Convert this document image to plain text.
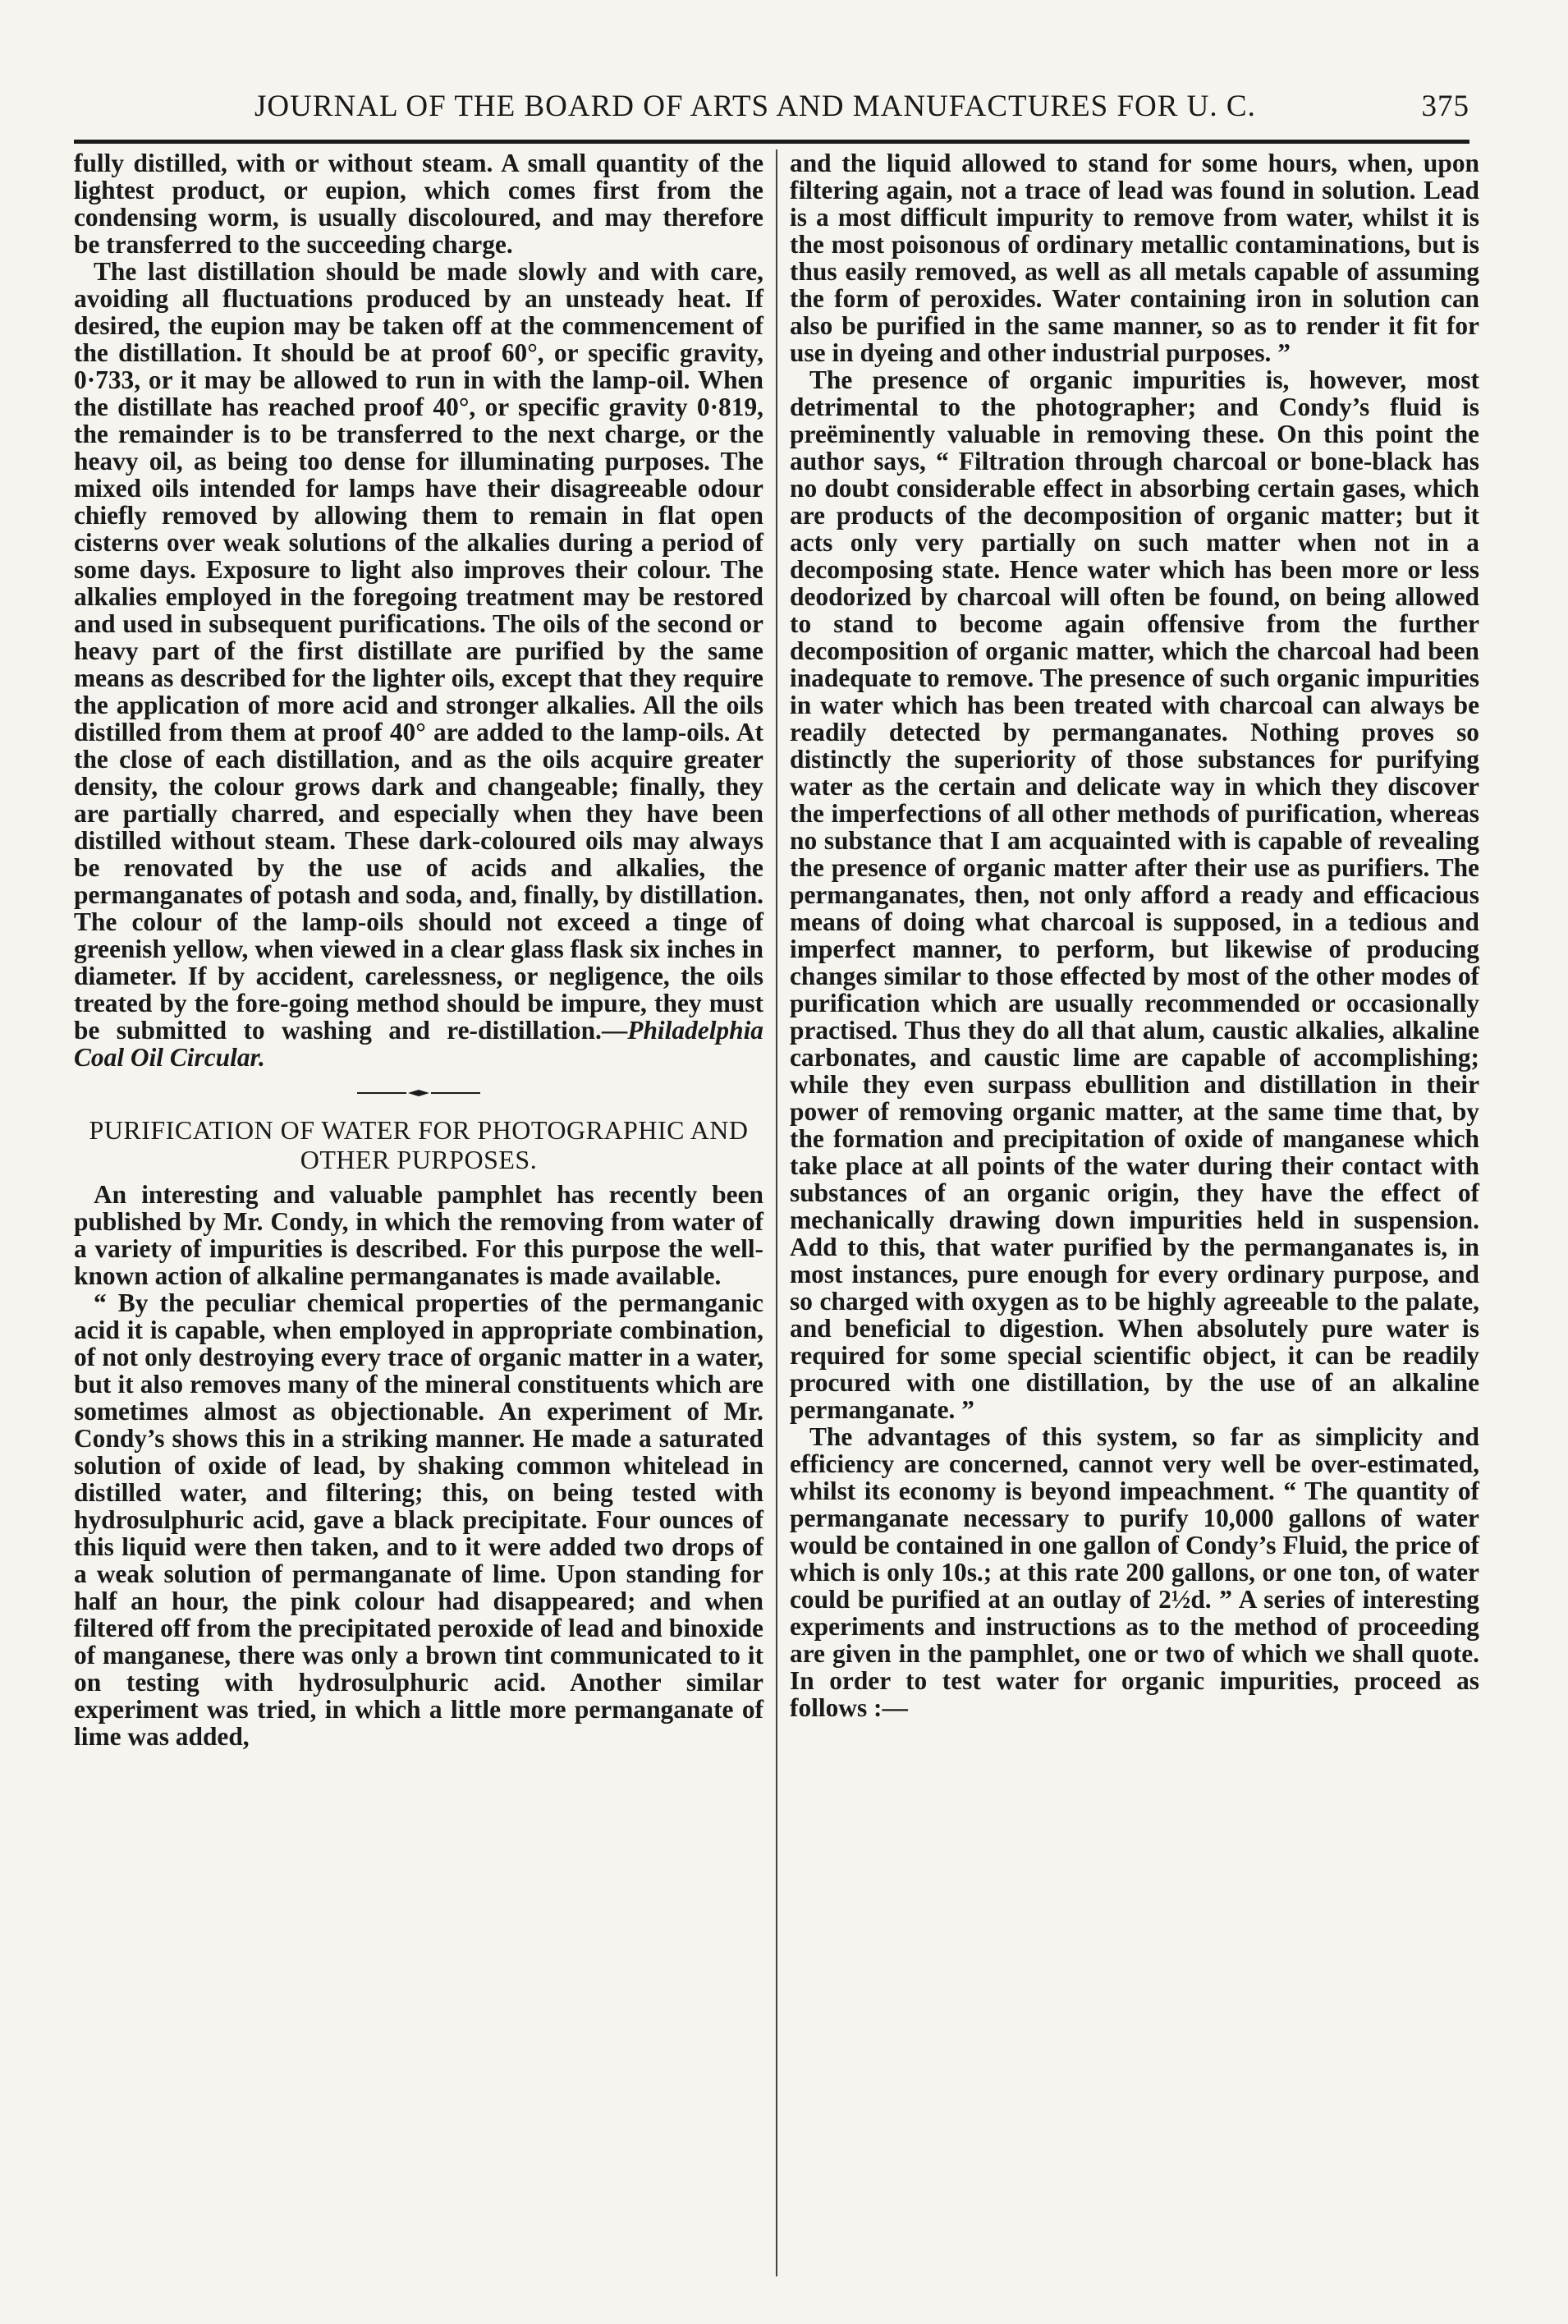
JOURNAL OF THE BOARD OF ARTS AND MANUFACTURES FOR U. C.	375

fully distilled, with or without steam. A small quantity of the lightest product, or eupion, which comes first from the condensing worm, is usually discoloured, and may therefore be transferred to the succeeding charge.

The last distillation should be made slowly and with care, avoiding all fluctuations produced by an unsteady heat. If desired, the eupion may be taken off at the commencement of the distillation. It should be at proof 60°, or specific gravity, 0·733, or it may be allowed to run in with the lamp-oil. When the distillate has reached proof 40°, or specific gravity 0·819, the remainder is to be transferred to the next charge, or the heavy oil, as being too dense for illuminating purposes. The mixed oils intended for lamps have their disagreeable odour chiefly removed by allowing them to remain in flat open cisterns over weak solutions of the alkalies during a period of some days. Exposure to light also improves their colour. The alkalies employed in the foregoing treatment may be restored and used in subsequent purifications. The oils of the second or heavy part of the first distillate are purified by the same means as described for the lighter oils, except that they require the application of more acid and stronger alkalies. All the oils distilled from them at proof 40° are added to the lamp-oils. At the close of each distillation, and as the oils acquire greater density, the colour grows dark and changeable; finally, they are partially charred, and especially when they have been distilled without steam. These dark-coloured oils may always be renovated by the use of acids and alkalies, the permanganates of potash and soda, and, finally, by distillation. The colour of the lamp-oils should not exceed a tinge of greenish yellow, when viewed in a clear glass flask six inches in diameter. If by accident, carelessness, or negligence, the oils treated by the fore-going method should be impure, they must be submitted to washing and re-distillation.—Philadelphia Coal Oil Circular.

PURIFICATION OF WATER FOR PHOTOGRAPHIC AND OTHER PURPOSES.

An interesting and valuable pamphlet has recently been published by Mr. Condy, in which the removing from water of a variety of impurities is described. For this purpose the well-known action of alkaline permanganates is made available.

“ By the peculiar chemical properties of the permanganic acid it is capable, when employed in appropriate combination, of not only destroying every trace of organic matter in a water, but it also removes many of the mineral constituents which are sometimes almost as objectionable. An experiment of Mr. Condy’s shows this in a striking manner. He made a saturated solution of oxide of lead, by shaking common whitelead in distilled water, and filtering; this, on being tested with hydrosulphuric acid, gave a black precipitate. Four ounces of this liquid were then taken, and to it were added two drops of a weak solution of permanganate of lime. Upon standing for half an hour, the pink colour had disappeared; and when filtered off from the precipitated peroxide of lead and binoxide of manganese, there was only a brown tint communicated to it on testing with hydrosulphuric acid. Another similar experiment was tried, in which a little more permanganate of lime was added,

and the liquid allowed to stand for some hours, when, upon filtering again, not a trace of lead was found in solution. Lead is a most difficult impurity to remove from water, whilst it is the most poisonous of ordinary metallic contaminations, but is thus easily removed, as well as all metals capable of assuming the form of peroxides. Water containing iron in solution can also be purified in the same manner, so as to render it fit for use in dyeing and other industrial purposes. ”

The presence of organic impurities is, however, most detrimental to the photographer; and Condy’s fluid is preëminently valuable in removing these. On this point the author says, “ Filtration through charcoal or bone-black has no doubt considerable effect in absorbing certain gases, which are products of the decomposition of organic matter; but it acts only very partially on such matter when not in a decomposing state. Hence water which has been more or less deodorized by charcoal will often be found, on being allowed to stand to become again offensive from the further decomposition of organic matter, which the charcoal had been inadequate to remove. The presence of such organic impurities in water which has been treated with charcoal can always be readily detected by permanganates. Nothing proves so distinctly the superiority of those substances for purifying water as the certain and delicate way in which they discover the imperfections of all other methods of purification, whereas no substance that I am acquainted with is capable of revealing the presence of organic matter after their use as purifiers. The permanganates, then, not only afford a ready and efficacious means of doing what charcoal is supposed, in a tedious and imperfect manner, to perform, but likewise of producing changes similar to those effected by most of the other modes of purification which are usually recommended or occasionally practised. Thus they do all that alum, caustic alkalies, alkaline carbonates, and caustic lime are capable of accomplishing; while they even surpass ebullition and distillation in their power of removing organic matter, at the same time that, by the formation and precipitation of oxide of manganese which take place at all points of the water during their contact with substances of an organic origin, they have the effect of mechanically drawing down impurities held in suspension. Add to this, that water purified by the permanganates is, in most instances, pure enough for every ordinary purpose, and so charged with oxygen as to be highly agreeable to the palate, and beneficial to digestion. When absolutely pure water is required for some special scientific object, it can be readily procured with one distillation, by the use of an alkaline permanganate. ”

The advantages of this system, so far as simplicity and efficiency are concerned, cannot very well be over-estimated, whilst its economy is beyond impeachment. “ The quantity of permanganate necessary to purify 10,000 gallons of water would be contained in one gallon of Condy’s Fluid, the price of which is only 10s.; at this rate 200 gallons, or one ton, of water could be purified at an outlay of 2½d. ” A series of interesting experiments and instructions as to the method of proceeding are given in the pamphlet, one or two of which we shall quote. In order to test water for organic impurities, proceed as follows :—
